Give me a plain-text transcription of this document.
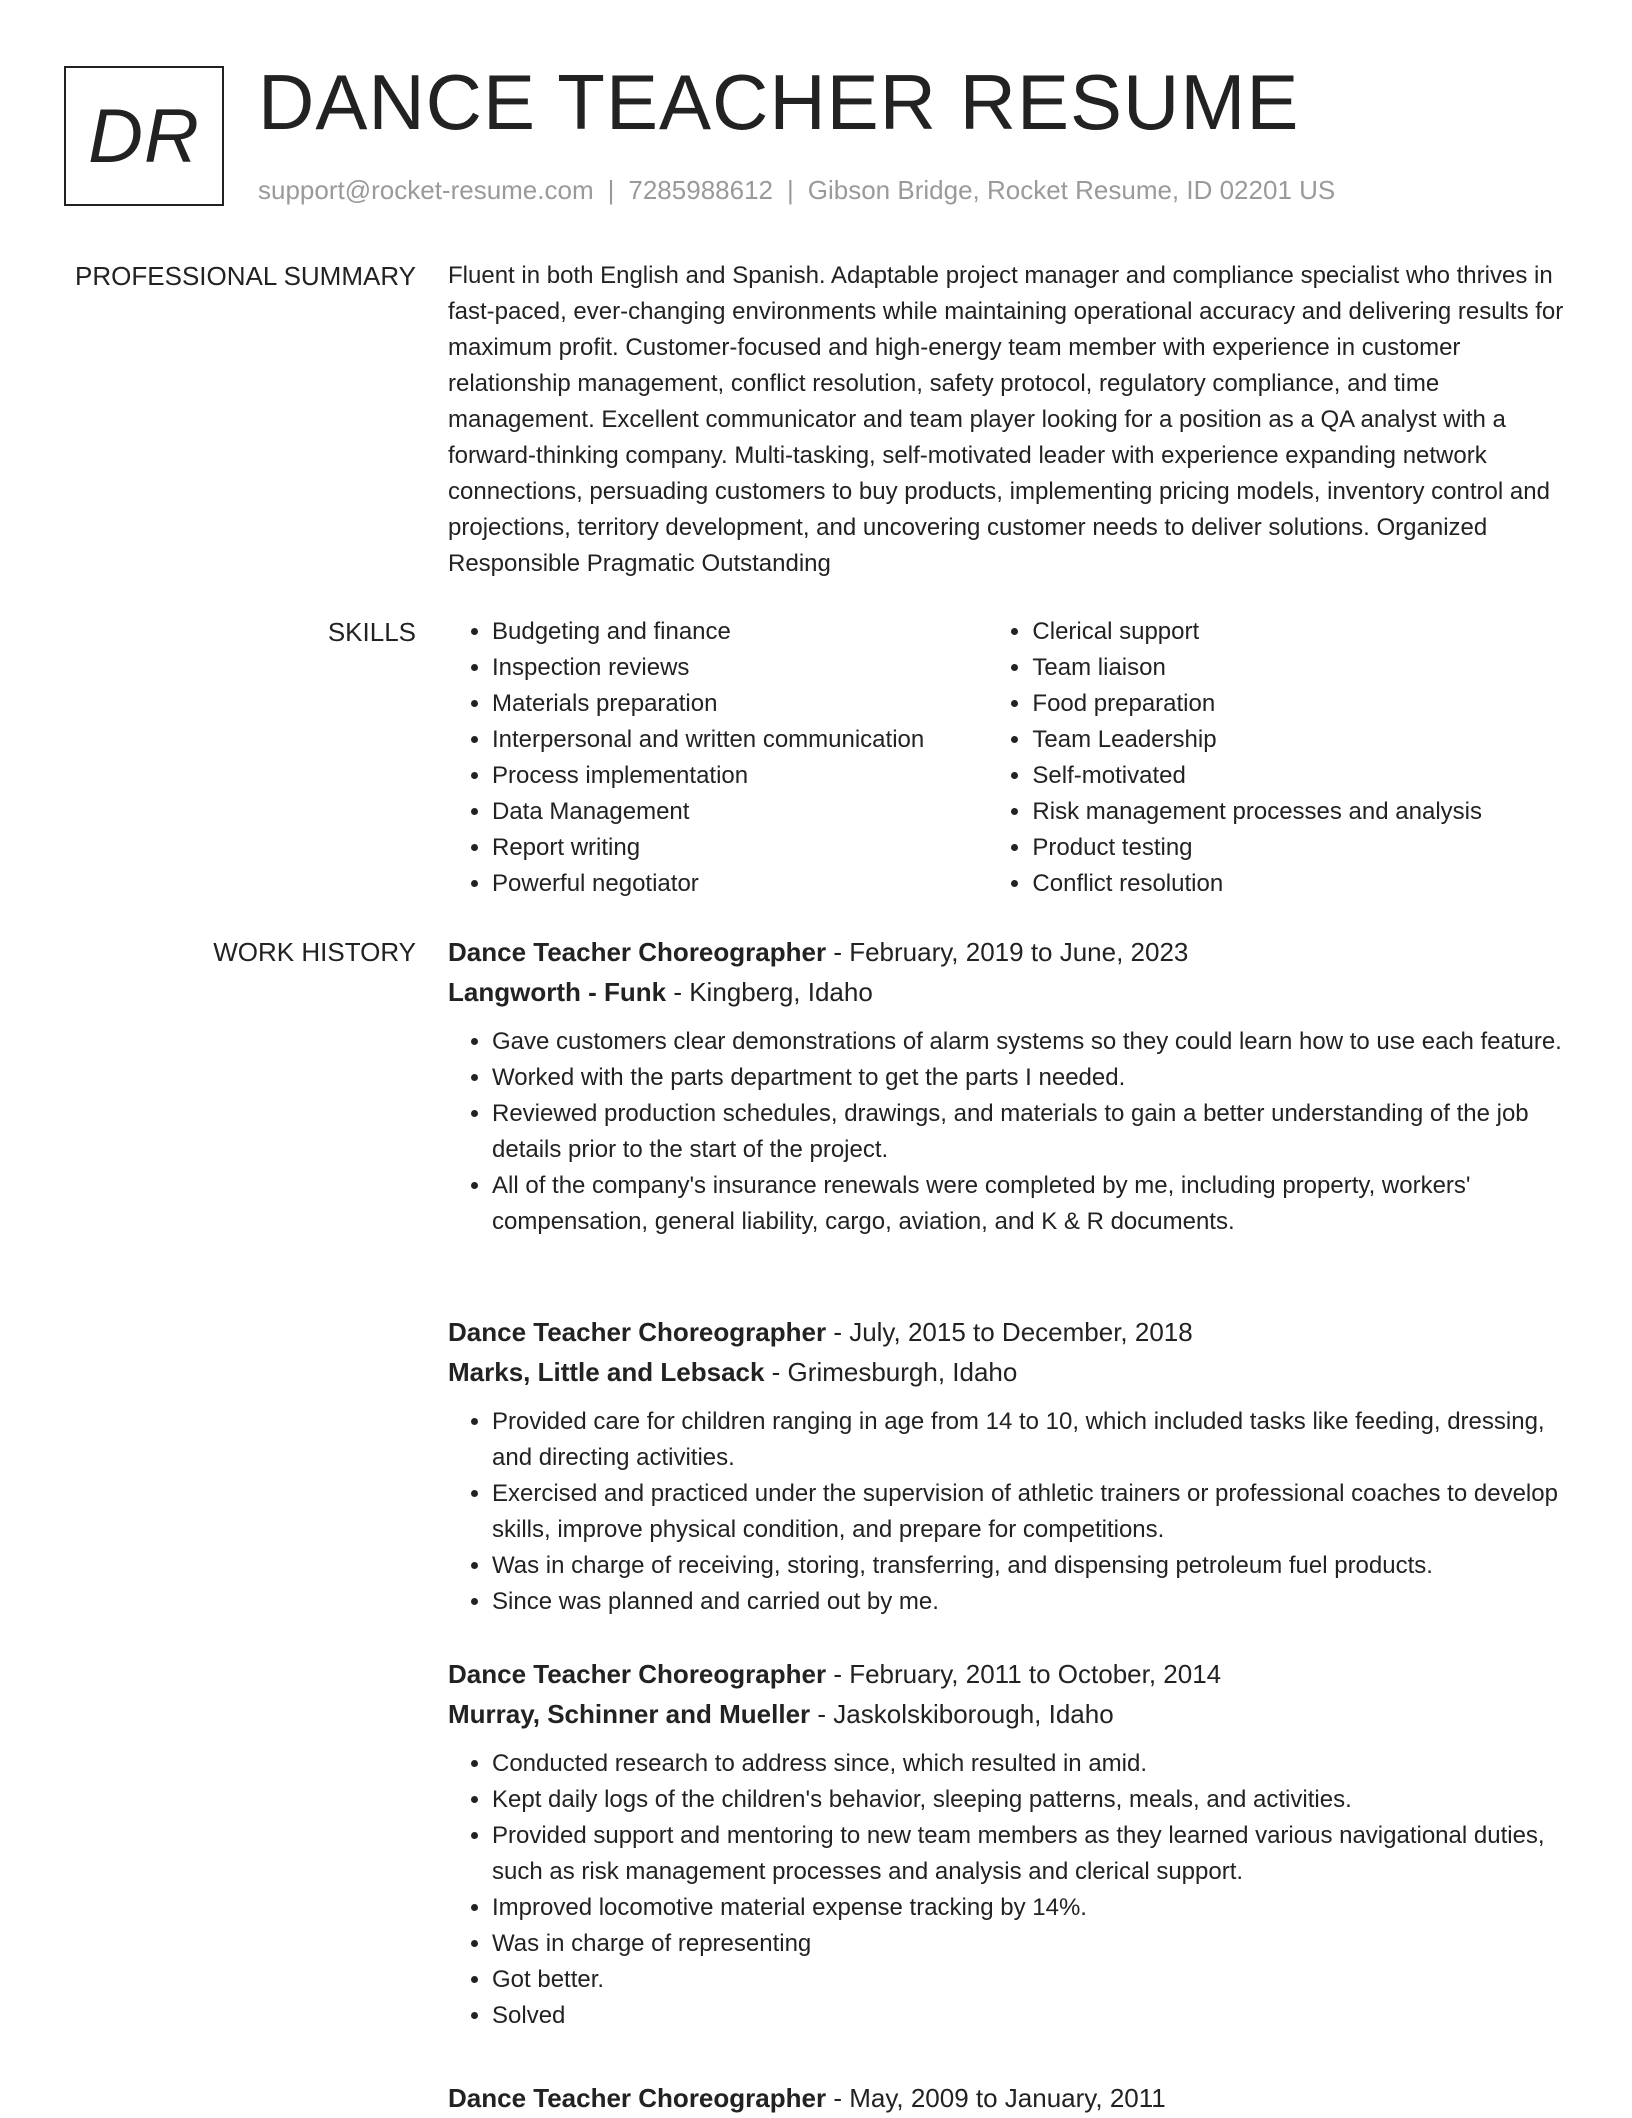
DR DANCE TEACHER RESUME
support@rocket-resume.com | 7285988612 | Gibson Bridge, Rocket Resume, ID 02201 US
PROFESSIONAL SUMMARY Fluent in both English and Spanish. Adaptable project manager and compliance specialist who thrives in fast-paced, ever-changing environments while maintaining operational accuracy and delivering results for maximum profit. Customer-focused and high-energy team member with experience in customer relationship management, conflict resolution, safety protocol, regulatory compliance, and time management. Excellent communicator and team player looking for a position as a QA analyst with a forward-thinking company. Multi-tasking, self-motivated leader with experience expanding network connections, persuading customers to buy products, implementing pricing models, inventory control and projections, territory development, and uncovering customer needs to deliver solutions. Organized Responsible Pragmatic Outstanding
SKILLS
•	Budgeting and finance
• Inspection reviews
• Materials preparation
• Interpersonal and written communication
• Process implementation
• Data Management
• Report writing
• Powerful negotiator
• Clerical support
• Team liaison
• Food preparation
• Team Leadership
• Self-motivated
• Risk management processes and analysis
• Product testing
• Conflict resolution
WORK HISTORY Dance Teacher Choreographer - February, 2019 to June, 2023
Langworth - Funk - Kingberg, Idaho
• Gave customers clear demonstrations of alarm systems so they could learn how to use each feature.
• Worked with the parts department to get the parts I needed.
• Reviewed production schedules, drawings, and materials to gain a better understanding of the job details prior to the start of the project.
• All of the company's insurance renewals were completed by me, including property, workers' compensation, general liability, cargo, aviation, and K & R documents.
Dance Teacher Choreographer - July, 2015 to December, 2018
Marks, Little and Lebsack - Grimesburgh, Idaho
• Provided care for children ranging in age from 14 to 10, which included tasks like feeding, dressing, and directing activities.
• Exercised and practiced under the supervision of athletic trainers or professional coaches to develop skills, improve physical condition, and prepare for competitions.
• Was in charge of receiving, storing, transferring, and dispensing petroleum fuel products.
• Since was planned and carried out by me.
Dance Teacher Choreographer - February, 2011 to October, 2014
Murray, Schinner and Mueller - Jaskolskiborough, Idaho
• Conducted research to address since, which resulted in amid.
• Kept daily logs of the children's behavior, sleeping patterns, meals, and activities.
• Provided support and mentoring to new team members as they learned various navigational duties, such as risk management processes and analysis and clerical support.
• Improved locomotive material expense tracking by 14%.
• Was in charge of representing
• Got better.
• Solved
Dance Teacher Choreographer - May, 2009 to January, 2011
